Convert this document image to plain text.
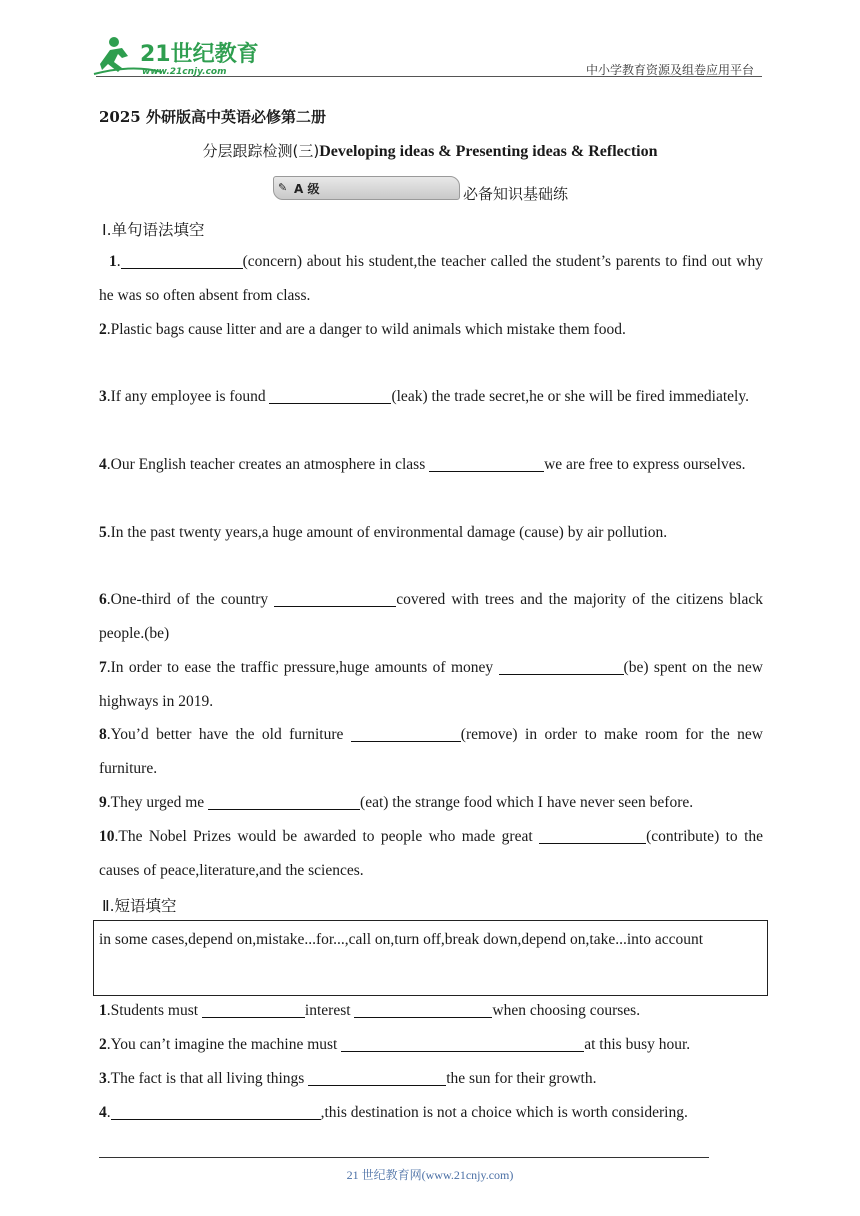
21世纪教育
www.21cnjy.com	中小学教育资源及组卷应用平台
2025 外研版高中英语必修第二册
分层跟踪检测(三)Developing ideas & Presenting ideas & Reflection
✎ A 级	必备知识基础练
Ⅰ.单句语法填空
1.	(concern) about his student,the teacher called the student’s parents to find out why he was so often absent from class.
2.Plastic bags cause litter and are a danger to wild animals which mistake them food.
3.If any employee is found	(leak) the trade secret,he or she will be fired immediately.
4.Our English teacher creates an atmosphere in class	we are free to express ourselves.
5.In the past twenty years,a huge amount of environmental damage (cause) by air pollution.
6.One-third of the country	covered with trees and the majority of the citizens black people.(be)
7.In order to ease the traffic pressure,huge amounts of money	(be) spent on the new highways in 2019.
8.You’d better have the old furniture	(remove) in order to make room for the new furniture.
9.They urged me	(eat) the strange food which I have never seen before.
10.The Nobel Prizes would be awarded to people who made great	(contribute) to the causes of peace,literature,and the sciences.
Ⅱ.短语填空
in some cases,depend on,mistake...for...,call on,turn off,break down,depend on,take...into account
1.Students must	interest	when choosing courses.
2.You can’t imagine the machine must	at this busy hour.
3.The fact is that all living things	the sun for their growth.
4.	,this destination is not a choice which is worth considering.
21 世纪教育网(www.21cnjy.com)
